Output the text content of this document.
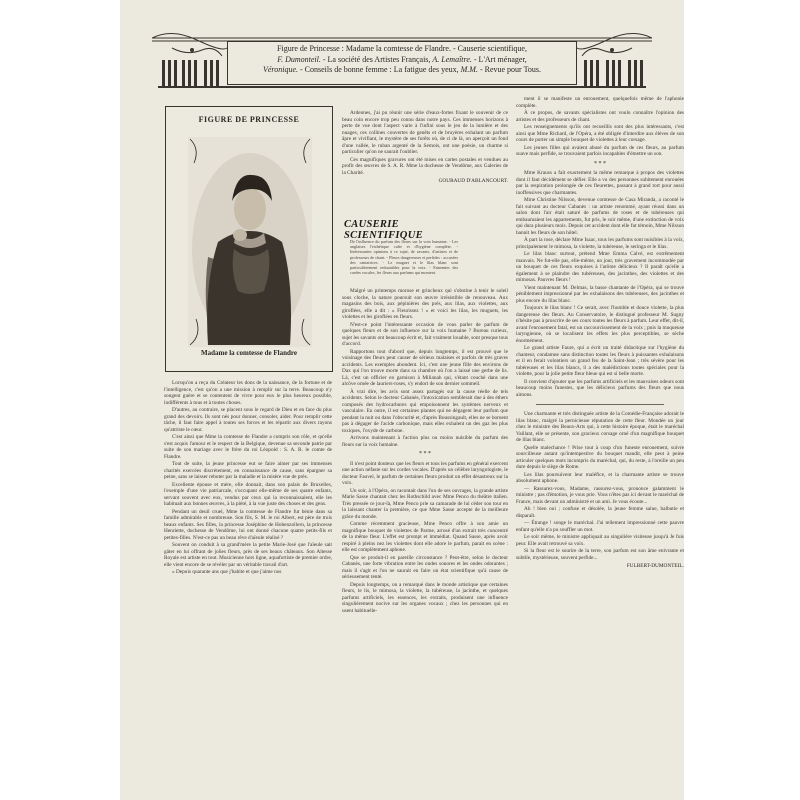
Figure de Princesse : Madame la comtesse de Flandre. - Causerie scientifique,
F. Dumonteil. - La société des Artistes Français, A. Lemaître. - L'Art ménager,
Véronique. - Conseils de bonne femme : La fatigue des yeux, M.M. - Revue pour Tous.
FIGURE DE PRINCESSE
Madame la comtesse de Flandre

Lorsqu'on a reçu du Créateur les dons de la naissance, de la fortune et de l'intelligence, c'est qu'on a une mission à remplir sur la terre. Beaucoup n'y songent guère et se contentent de vivre pour eux le plus heureux possible, indifférents à tous et à toutes choses.

D'autres, au contraire, se placent sous le regard de Dieu et en face du plus grand des devoirs. Ils sont nés pour donner, consoler, aider. Pour remplir cette tâche, il faut faire appel à toutes ses forces et les répartir aux divers rayons qu'attriste le cœur.

C'est ainsi que Mme la comtesse de Flandre a compris son rôle, et qu'elle s'est acquis l'amour et le respect de la Belgique, devenue sa seconde patrie par suite de son mariage avec le frère du roi Léopold : S. A. R. le comte de Flandre.

Tout de suite, la jeune princesse eut se faire aimer par ses immenses charités exercées discrètement, en connaissance de cause, sans épargner sa peine, sans se laisser rebuter par la maladie et la misère vue de près.

Excellente épouse et mère, elle donnait, dans son palais de Bruxelles, l'exemple d'une vie patriarcale, s'occupant elle-même de ses quatre enfants, servant souvent avec eux, vendus par ceux qui la reconnaissaient, elle les habituait aux bonnes œuvres, à la piété, à la vue juste des choses et des gens.

Pendant un deuil cruel, Mme la comtesse de Flandre fut bénie dans sa famille admirable et nombreuse. Son fils, S. M. le roi Albert, est père de trois beaux enfants. Ses filles, la princesse Joséphine de Hohenzollern, la princesse Henriette, duchesse de Vendôme, lui ont donné chacune quatre petits-fils et petites-filles. N'est-ce pas un beau rêve d'aïeule réalisé ?

Souvent on conduit à sa grand'mère la petite Marie-José que l'aïeule sait gâter en lui offrant de jolies fleurs, près de ses beaux châteaux. Son Altesse Royale est artiste en tout. Musicienne hors ligne, aquafortiste de premier ordre, elle vient encore de se révéler par un véritable travail d'art.

« Depuis quarante ans que j'habite et que j'aime nos

Ardennes, j'ai pu réunir une série d'eaux-fortes fixant le souvenir de ce beau coin encore trop peu connu dans notre pays. Ces immenses horizons à perte de vue dont l'aspect varie à l'infini sous le jeu de la lumière et des nuages, ces collines couvertes de genêts et de bruyères exhalant un parfum âpre et vivifiant, le mystère de ses forêts où, de ci de là, on aperçoit un fond d'une vallée, le ruban argenté de la Semois, ont une poésie, un charme si particulier qu'on ne saurait l'oublier.

Ces magnifiques gravures ont été mises en cartes postales et vendues au profit des œuvres de S. A. R. Mme la duchesse de Vendôme, aux Galeries de la Charité.

GOURAUD D'ABLANCOURT.
CAUSERIE SCIENTIFIQUE
De l'influence du parfum des fleurs sur la voix humaine. - Les anglaises l'esthétique culte et d'hygiène complète. - Intéressantes opinions à ce sujet, de savants, d'artistes et de professeurs de chant. - Fleurs dangereuses et perfides : accusées des cantatrices. - Le muguet et le lilas blanc sont particulièrement redoutables pour la voix. - Ennemies des cordes vocales, les fleurs aux parfums qui montent.

Malgré un printemps morose et grincheux qui s'obstine à tenir le soleil sous cloche, la nature poursuit son œuvre irrésistible de renouveau. Aux magasins des bois, aux pépinières des prés, aux lilas, aux violettes, aux giroflées, elle a dit : « Fleurissez ! » et voici les lilas, les muguets, les violettes et les giroflées en fleurs.

N'est-ce point l'intéressante occasion de vous parler de parfum de quelques fleurs et de son influence sur la voix humaine ? Bureau curieux, sujet les savants ont beaucoup écrit et, fait vraiment louable, sont presque tous d'accord.

Rapportons tout d'abord que, depuis longtemps, il est prouvé que le voisinage des fleurs peut causer de sérieux malaises et parfois de très graves accidents. Les exemples abondent. Ici, c'est une jeune fille des environs de Dax qui l'on trouve morte dans sa chambre où l'on a laissé une gerbe de lis. Là, c'est un officier en garnison à Milianah qui, s'étant couché dans une alcôve ornée de lauriers-roses, s'y endort de son dernier sommeil.

À vrai dire, les avis sont assez partagés sur la cause réelle de tels accidents. Selon le docteur Cabanès, l'intoxication semblerait due à des éthers composés des hydrocarbures qui empoisonnent les systèmes nerveux et vasculaire. En outre, il est certaines plantes qui ne dégagent leur parfum que pendant la nuit ou dans l'obscurité et, d'après Boussingault, elles ne se bornent pas à dégager de l'acide carbonique, mais elles exhalent un des gaz les plus toxiques, l'oxyde de carbone.

Arrivons maintenant à l'action plus ou moins nuisible du parfum des fleurs sur la voix humaine.

* * *

Il n'est point douteux que les fleurs et tous les parfums en général exercent une action néfaste sur les cordes vocales. D'après un célèbre laryngologiste, le docteur Fauvel, le parfum de certaines fleurs produit un effet désastreux sur la voix.

Un soir, à l'Opéra, on racontait dans l'un de ses ouvrages, la grande artiste Marie Sasse chantait chez les Rothschild avec Mme Penco du théâtre italien. Très pressée ce jour-là, Mme Penco prie sa camarade de lui céder son tour en la laissant chanter la première, ce que Mme Sasse accepte de la meilleure grâce du monde.

Comme récemment gracieuse, Mme Penco offre à son amie un magnifique bouquet de violettes de Parme, arrosé d'un extrait très concentré de la même fleur. L'effet est prompt et immédiat. Quand Sasse, après avoir respiré à pleins nez les violettes dont elle adore le parfum, parait en scène : elle est complètement aphone.

Que se produit-il en pareille circonstance ? Peut-être, selon le docteur Cabanès, une forte vibration entre les ondes sonores et les ondes odorantes ; mais il s'agit et l'on ne saurait en faire un état scientifique qu'à cause de sérieusement tenté.

Depuis longtemps, on a remarqué dans le monde artistique que certaines fleurs, le lis, le mimosa, la violette, la tubéreuse, la jacinthe, et quelques parfums artificiels, les essences, les extraits, produisent une influence singulièrement nocive sur les organes vocaux ; chez les personnes qui en usent habituelle-

ment il se manifeste un enrouement, quelquefois même de l'aphonie complète.

À ce propos, de savants spécialistes ont voulu connaître l'opinion des artistes et des professeurs de chant.

Les renseignements qu'ils ont recueillis sont des plus intéressants, c'est ainsi que Mme Richard, de l'Opéra, a été obligée d'interdire aux élèves de son cours de porter un simple bouquet de violettes à leur corsage.

Les jeunes filles qui avaient abusé du parfum de ces fleurs, au parfum suave mais perfide, se trouvaient parfois incapables d'émettre un son.

* * *

Mme Krauss a fait exactement la même remarque à propos des violettes dont il faut décidément se défier. Elle a vu des personnes subitement enrouées par la respiration prolongée de ces fleurettes, passant à grand tort pour aussi inoffensives que charmantes.

Mme Christine Nilsson, devenue comtesse de Casa Miranda, a raconté le fait suivant au docteur Cabanès : un artiste renommé, ayant réussi dans un salon dont l'air était saturé de parfums de roses et de tubéreuses qui embaumaient les appartements, fut pris, le soir même, d'une extinction de voix qui dura plusieurs mois. Depuis cet accident dont elle fut témoin, Mme Nilsson bannit les fleurs de son hôtel.

À part la rose, déclare Mme Isaac, tous les parfums sont nuisibles à la voix, principalement le mimosa, la violette, la tubéreuse, le seringa et le lilas.

Le lilas blanc surtout, prétend Mme Emma Calvé, est extrêmement mauvais. Ne fut-elle pas, elle-même, un jour, très gravement incommodée par un bouquet de ces fleurs exquises à l'arôme délicieux ? Il paraît qu'elle a également à se plaindre des tubéreuses, des jacinthes, des violettes et des mimosas. Pauvres fleurs !

Vient maintenant M. Delmas, la basse chantante de l'Opéra, qui se trouve péniblement impressionné par les exhalaisons des tubéreuses, des jacinthes et plus encore du lilas blanc.

Toujours le lilas blanc ! Ce serait, avec l'humble et douce violette, la plus dangereuse des fleurs. Au Conservatoire, le distingué professeur M. Sugny n'hésite pas à proscrire de ses cours toutes les fleurs à parfum. Leur effet, dit-il, avant l'enrouement fatal, est un raccourcissement de la voix ; puis la muqueuse laryngienne, où se localisent les effets les plus perceptibles, se sèche énormément.

Le grand artiste Faure, qui a écrit un traité didactique sur l'hygiène du chanteur, condamne sans distinction toutes les fleurs à puissantes exhalaisons et il en ferait volontiers un grand feu de la Saint-Jean ; très sévère pour les tubéreuses et les lilas blancs, il a des malédictions toutes spéciales pour la violette, pour la jolie petite fleur bleue qui est si belle morte.

Il convient d'ajouter que les parfums artificiels et les mauvaises odeurs sont beaucoup moins funestes, que les délicieux parfums des fleurs que nous aimons.

Une charmante et très distinguée artiste de la Comédie-Française adorait le lilas blanc, malgré la pernicieuse réputation de cette fleur. Mondée un jour chez le ministre des Beaux-Arts qui, à cette histoire époque, était le maréchal Vaillant, elle se présente, son gracieux corsage orné d'un magnifique bouquet de lilas blanc.

Quelle malechance ! Prise tout à coup d'un funeste enrouement, suivre sourcilleuse autant qu'intempestive du bouquet maudit, elle peut à peine articuler quelques mots incompris du maréchal, qui, du reste, à l'oreille un peu dure depuis le siège de Rome.

Les lilas poursuivent leur maléfice, et la charmante artiste se trouve absolument aphone.

— Rassurez-vous, Madame, rassurez-vous, prononce galamment le ministre ; pas d'émotion, je vous prie. Vous n'êtes pas ici devant le maréchal de France, mais devant un administré et un ami. Je vous écoute...

Ah ! bien oui ; confuse et désolée, la jeune femme salue, balbutie et disparaît.

— Étrange ! songe le maréchal. J'ai tellement impressionné cette pauvre enfant qu'elle n'a pu souffler un mot.

Le soir même, le ministre appliquait au singulière visiteuse jusqu'à Je fuis peur. Elle avait retrouvé sa voix.

Si la fleur est le sourire de la terre, son parfum est son âme enivrante et subtile, mystérieuse, souvent perfide...

FULBERT-DUMONTEIL.
